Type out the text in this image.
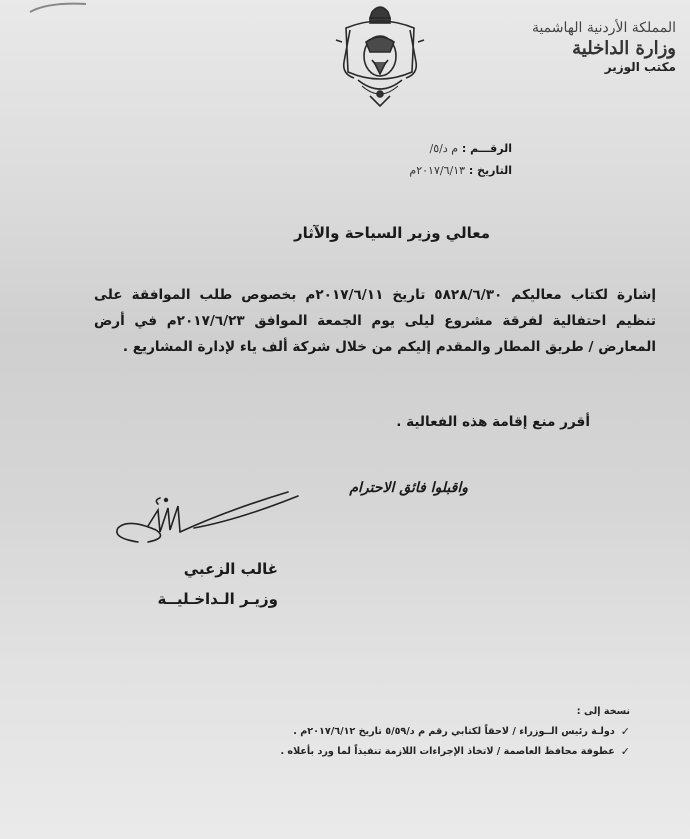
المملكة الأردنية الهاشمية
وزارة الداخلية
مكتب الوزير
الرقـــم : م د/٥/
التاريخ : ٢٠١٧/٦/١٣م
معالي وزير السياحة والآثار
إشارة لكتاب معاليكم ٥٨٢٨/٦/٣٠ تاريخ ٢٠١٧/٦/١١م بخصوص طلب الموافقة على تنظيم احتفالية لفرقة مشروع ليلى يوم الجمعة الموافق ٢٠١٧/٦/٢٣م في أرض المعارض / طريق المطار والمقدم إليكم من خلال شركة ألف ياء لإدارة المشاريع .
أقرر منع إقامة هذه الفعالية .
واقبلوا فائق الاحترام
غالب الزعبي
وزيـر الـداخـليــة
نسخة إلى :
✓
دولـة رئيس الــوزراء / لاحقاً لكتابي رقم م د/٥/٥٩ تاريخ ٢٠١٧/٦/١٢م .
✓
عطوفة محافظ العاصمة / لاتخاذ الإجراءات اللازمة تنفيذاً لما ورد بأعلاه .
